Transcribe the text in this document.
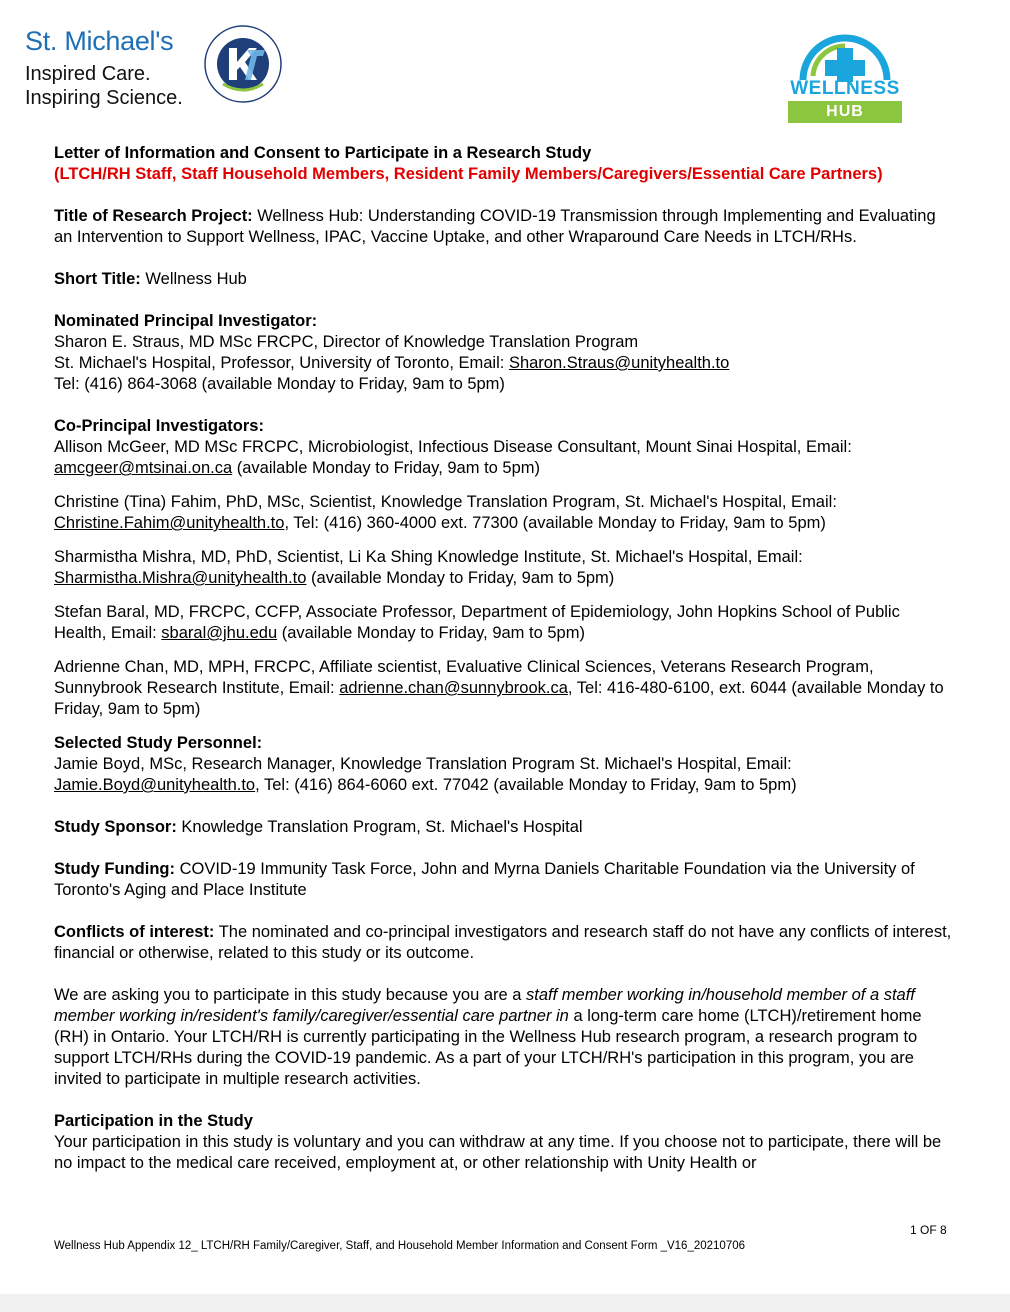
St. Michael's
Inspired Care.
Inspiring Science.	WELLNESS
HUB

Letter of Information and Consent to Participate in a Research Study

(LTCH/RH Staff, Staff Household Members, Resident Family Members/Caregivers/Essential Care Partners)

Title of Research Project: Wellness Hub: Understanding COVID-19 Transmission through Implementing and Evaluating an Intervention to Support Wellness, IPAC, Vaccine Uptake, and other Wraparound Care Needs in LTCH/RHs.

Short Title: Wellness Hub

Nominated Principal Investigator:

Sharon E. Straus, MD MSc FRCPC, Director of Knowledge Translation Program

St. Michael's Hospital, Professor, University of Toronto, Email: Sharon.Straus@unityhealth.to

Tel: (416) 864-3068 (available Monday to Friday, 9am to 5pm)

Co-Principal Investigators:

Allison McGeer, MD MSc FRCPC, Microbiologist, Infectious Disease Consultant, Mount Sinai Hospital, Email: amcgeer@mtsinai.on.ca (available Monday to Friday, 9am to 5pm)

Christine (Tina) Fahim, PhD, MSc, Scientist, Knowledge Translation Program, St. Michael's Hospital, Email: Christine.Fahim@unityhealth.to, Tel: (416) 360-4000 ext. 77300 (available Monday to Friday, 9am to 5pm)

Sharmistha Mishra, MD, PhD, Scientist, Li Ka Shing Knowledge Institute, St. Michael's Hospital, Email: Sharmistha.Mishra@unityhealth.to (available Monday to Friday, 9am to 5pm)

Stefan Baral, MD, FRCPC, CCFP, Associate Professor, Department of Epidemiology, John Hopkins School of Public Health, Email: sbaral@jhu.edu (available Monday to Friday, 9am to 5pm)

Adrienne Chan, MD, MPH, FRCPC, Affiliate scientist, Evaluative Clinical Sciences, Veterans Research Program, Sunnybrook Research Institute, Email: adrienne.chan@sunnybrook.ca, Tel: 416-480-6100, ext. 6044 (available Monday to Friday, 9am to 5pm)

Selected Study Personnel:

Jamie Boyd, MSc, Research Manager, Knowledge Translation Program St. Michael's Hospital, Email: Jamie.Boyd@unityhealth.to, Tel: (416) 864-6060 ext. 77042 (available Monday to Friday, 9am to 5pm)

Study Sponsor: Knowledge Translation Program, St. Michael's Hospital

Study Funding: COVID-19 Immunity Task Force, John and Myrna Daniels Charitable Foundation via the University of Toronto's Aging and Place Institute

Conflicts of interest: The nominated and co-principal investigators and research staff do not have any conflicts of interest, financial or otherwise, related to this study or its outcome.

We are asking you to participate in this study because you are a staff member working in/household member of a staff member working in/resident's family/caregiver/essential care partner in a long-term care home (LTCH)/retirement home (RH) in Ontario. Your LTCH/RH is currently participating in the Wellness Hub research program, a research program to support LTCH/RHs during the COVID-19 pandemic. As a part of your LTCH/RH's participation in this program, you are invited to participate in multiple research activities.

Participation in the Study

Your participation in this study is voluntary and you can withdraw at any time. If you choose not to participate, there will be no impact to the medical care received, employment at, or other relationship with Unity Health or

1 OF 8
Wellness Hub Appendix 12_ LTCH/RH Family/Caregiver, Staff, and Household Member Information and Consent Form _V16_20210706
